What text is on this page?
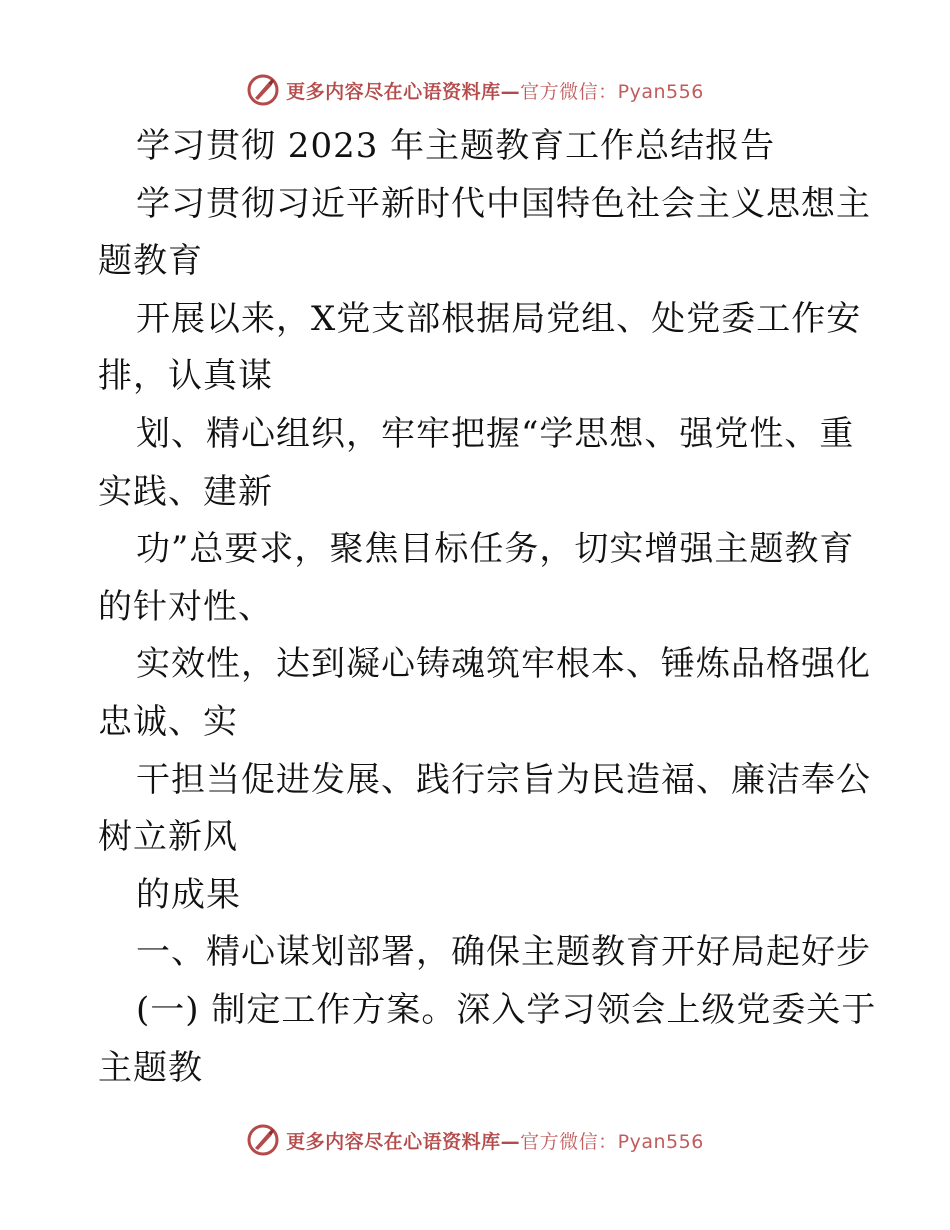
更多内容尽在心语资料库—官方微信：Pyan556
学习贯彻 2023 年主题教育工作总结报告
学习贯彻习近平新时代中国特色社会主义思想主
题教育
开展以来，X党支部根据局党组、处党委工作安
排，认真谋
划、精心组织，牢牢把握“学思想、强党性、重
实践、建新
功”总要求，聚焦目标任务，切实增强主题教育
的针对性、
实效性，达到凝心铸魂筑牢根本、锤炼品格强化
忠诚、实
干担当促进发展、践行宗旨为民造福、廉洁奉公
树立新风
的成果
一、精心谋划部署，确保主题教育开好局起好步
(一) 制定工作方案。深入学习领会上级党委关于
主题教
更多内容尽在心语资料库—官方微信：Pyan556
